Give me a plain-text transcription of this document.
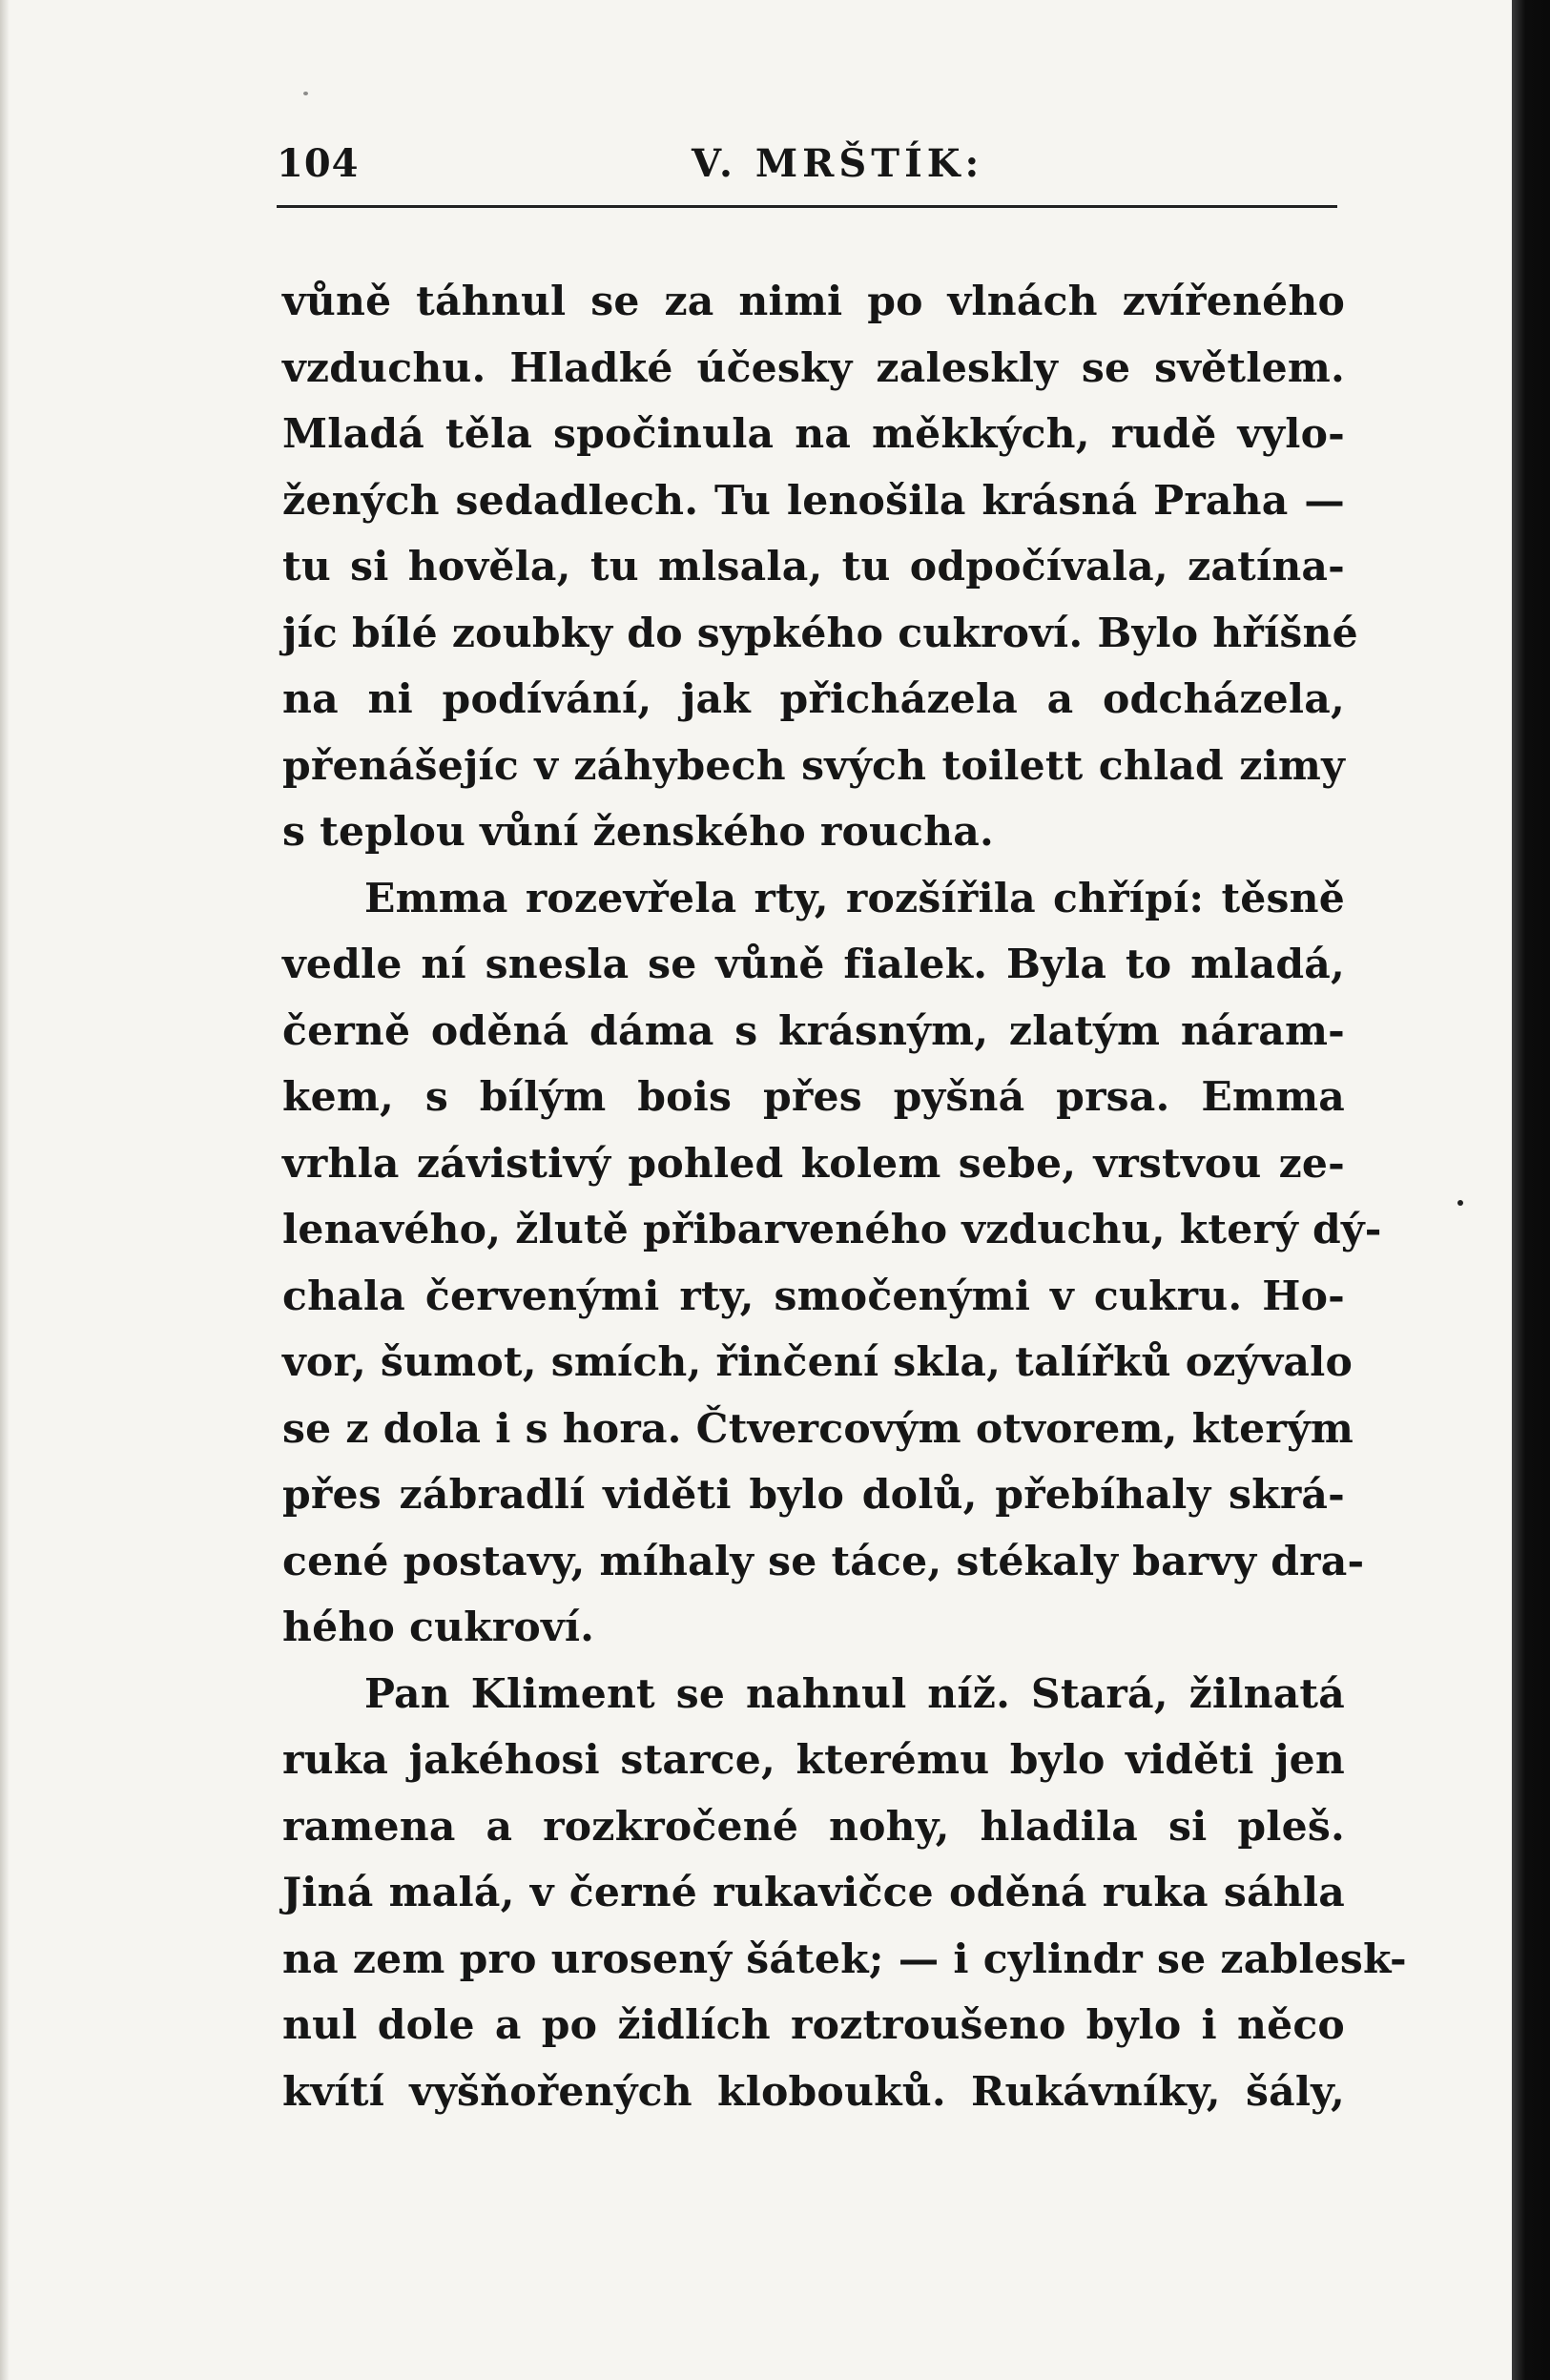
104	V. MRŠTÍK:
vůně táhnul se za nimi po vlnách zvířeného
vzduchu. Hladké účesky zaleskly se světlem.
Mladá těla spočinula na měkkých, rudě vylo-
žených sedadlech. Tu lenošila krásná Praha —
tu si hověla, tu mlsala, tu odpočívala, zatína-
jíc bílé zoubky do sypkého cukroví. Bylo hříšné
na ni podívání, jak přicházela a odcházela,
přenášejíc v záhybech svých toilett chlad zimy
s teplou vůní ženského roucha.
Emma rozevřela rty, rozšířila chřípí: těsně
vedle ní snesla se vůně fialek. Byla to mladá,
černě oděná dáma s krásným, zlatým náram-
kem, s bílým bois přes pyšná prsa. Emma
vrhla závistivý pohled kolem sebe, vrstvou ze-
lenavého, žlutě přibarveného vzduchu, který dý-
chala červenými rty, smočenými v cukru. Ho-
vor, šumot, smích, řinčení skla, talířků ozývalo
se z dola i s hora. Čtvercovým otvorem, kterým
přes zábradlí viděti bylo dolů, přebíhaly skrá-
cené postavy, míhaly se táce, stékaly barvy dra-
hého cukroví.
Pan Kliment se nahnul níž. Stará, žilnatá
ruka jakéhosi starce, kterému bylo viděti jen
ramena a rozkročené nohy, hladila si pleš.
Jiná malá, v černé rukavičce oděná ruka sáhla
na zem pro urosený šátek; — i cylindr se zablesk-
nul dole a po židlích roztroušeno bylo i něco
kvítí vyšňořených klobouků. Rukávníky, šály,
